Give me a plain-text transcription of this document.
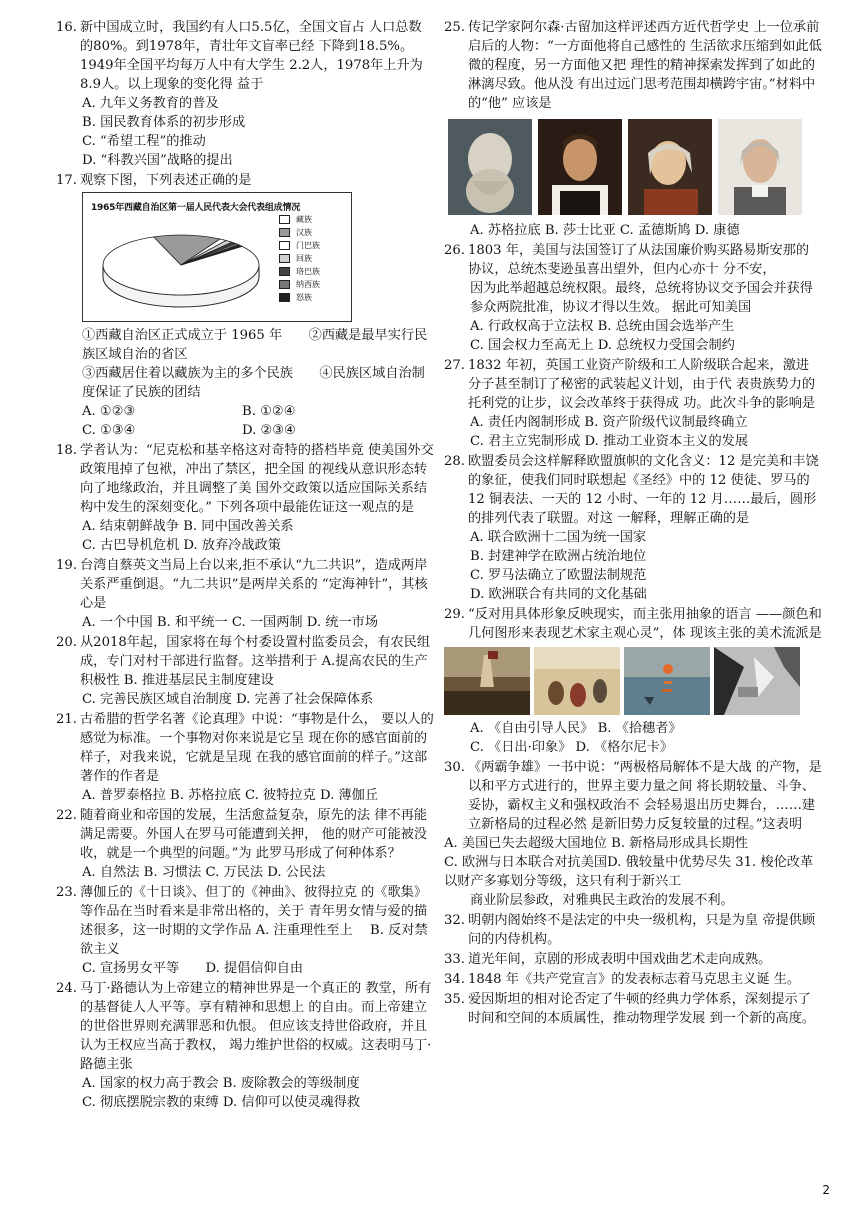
16. 新中国成立时，我国约有人口5.5亿，全国文盲占 人口总数的80%。到1978年，青壮年文盲率已经 下降到18.5%。1949年全国平均每万人中有大学生 2.2人，1978年上升为8.9人。以上现象的变化得 益于

A. 九年义务教育的普及

B. 国民教育体系的初步形成

C. “希望工程”的推动

D. “科教兴国”战略的提出

17. 观察下图，下列表述正确的是

1965年西藏自治区第一届人民代表大会代表组成情况
藏族
汉族
门巴族
回族
珞巴族
纳西族
怒族

①西藏自治区正式成立于 1965 年　　②西藏是最早实行民族区域自治的省区

③西藏居住着以藏族为主的多个民族　　④民族区域自治制度保证了民族的团结

A. ①②③	B. ①②④
C. ①③④	D. ②③④

18. 学者认为：“尼克松和基辛格这对奇特的搭档毕竟 使美国外交政策甩掉了包袱，冲出了禁区，把全国 的视线从意识形态转向了地缘政治，并且调整了美 国外交政策以适应国际关系结构中发生的深刻变化。” 下列各项中最能佐证这一观点的是

A. 结束朝鲜战争 B. 同中国改善关系

C. 古巴导机危机 D. 放弃冷战政策

19. 台湾自蔡英文当局上台以来,拒不承认“九二共识”，造成两岸关系严重倒退。“九二共识”是两岸关系的 “定海神针”，其核心是

A. 一个中国 B. 和平统一 C. 一国两制 D. 统一市场

20. 从2018年起，国家将在每个村委设置村监委员会，有农民组成，专门对村干部进行监督。这举措利于 A.提高农民的生产积极性 B. 推进基层民主制度建设

C. 完善民族区域自治制度 D. 完善了社会保障体系

21. 古希腊的哲学名著《论真理》中说：“事物是什么， 要以人的感觉为标准。一个事物对你来说是它呈 现在你的感官面前的样子，对我来说，它就是呈现 在我的感官面前的样子。”这部著作的作者是

A. 普罗泰格拉 B. 苏格拉底 C. 彼特拉克 D. 薄伽丘

22. 随着商业和帝国的发展，生活愈益复杂，原先的法 律不再能满足需要。外国人在罗马可能遭到关押， 他的财产可能被没收，就是一个典型的问题。”为 此罗马形成了何种体系？

A. 自然法 B. 习惯法 C. 万民法 D. 公民法

23. 薄伽丘的《十日谈》、但丁的《神曲》、彼得拉克 的《歌集》等作品在当时看来是非常出格的，关于 青年男女情与爱的描述很多，这一时期的文学作品 A. 注重理性至上　 B. 反对禁欲主义

C. 宣扬男女平等　　D. 提倡信仰自由

24. 马丁·路德认为上帝建立的精神世界是一个真正的 教堂，所有的基督徒人人平等。享有精神和思想上 的自由。而上帝建立的世俗世界则充满罪恶和仇恨。 但应该支持世俗政府，并且认为王权应当高于教权， 竭力维护世俗的权威。这表明马丁·路德主张

A. 国家的权力高于教会 B. 废除教会的等级制度

C. 彻底摆脱宗教的束缚 D. 信仰可以使灵魂得救

25. 传记学家阿尔森·古留加这样评述西方近代哲学史 上一位承前启后的人物：“一方面他将自己感性的 生活欲求压缩到如此低微的程度，另一方面他又把 理性的精神探索发挥到了如此的淋漓尽致。他从没 有出过远门思考范围却横跨宇宙。”材料中的“他” 应该是

A. 苏格拉底 B. 莎士比亚 C. 孟德斯鸠 D. 康德

26. 1803 年，美国与法国签订了从法国廉价购买路易斯安那的协议，总统杰斐逊虽喜出望外，但内心亦十 分不安，

因为此举超越总统权限。最终，总统将协议交予国会并获得参众两院批准，协议才得以生效。 据此可知美国

A. 行政权高于立法权 B. 总统由国会选举产生

C. 国会权力至高无上 D. 总统权力受国会制约

27. 1832 年初，英国工业资产阶级和工人阶级联合起来，激进分子甚至制订了秘密的武装起义计划，由于代 表贵族势力的托利党的让步，议会改革终于获得成 功。此次斗争的影响是

A. 责任内阁制形成 B. 资产阶级代议制最终确立

C. 君主立宪制形成 D. 推动工业资本主义的发展

28. 欧盟委员会这样解释欧盟旗帜的文化含义：12 是完美和丰饶的象征，使我们同时联想起《圣经》中的 12 使徒、罗马的 12 铜表法、一天的 12 小时、一年的 12 月……最后，圆形的排列代表了联盟。对这 一解释，理解正确的是

A. 联合欧洲十二国为统一国家

B. 封建神学在欧洲占统治地位

C. 罗马法确立了欧盟法制规范

D. 欧洲联合有共同的文化基础

29. “反对用具体形象反映现实，而主张用抽象的语言 ——颜色和几何图形来表现艺术家主观心灵”，体 现该主张的美术流派是

A. 《自由引导人民》 B. 《拾穗者》

C. 《日出·印象》 D. 《格尔尼卡》

30. 《两霸争雄》一书中说：“两极格局解体不是大战 的产物，是以和平方式进行的，世界主要力量之间 将长期较量、斗争、妥协，霸权主义和强权政治不 会轻易退出历史舞台，……建立新格局的过程必然 是新旧势力反复较量的过程。”这表明

A. 美国已失去超级大国地位 B. 新格局形成具长期性

C. 欧洲与日本联合对抗美国D. 俄较量中优势尽失 31. 梭伦改革以财产多寡划分等级，这只有利于新兴工

商业阶层参政，对雅典民主政治的发展不利。

32. 明朝内阁始终不是法定的中央一级机构，只是为皇 帝提供顾问的内侍机构。

33. 道光年间，京剧的形成表明中国戏曲艺术走向成熟。

34. 1848 年《共产党宣言》的发表标志着马克思主义诞 生。

35. 爱因斯坦的相对论否定了牛顿的经典力学体系，深刻提示了时间和空间的本质属性，推动物理学发展 到一个新的高度。

2
